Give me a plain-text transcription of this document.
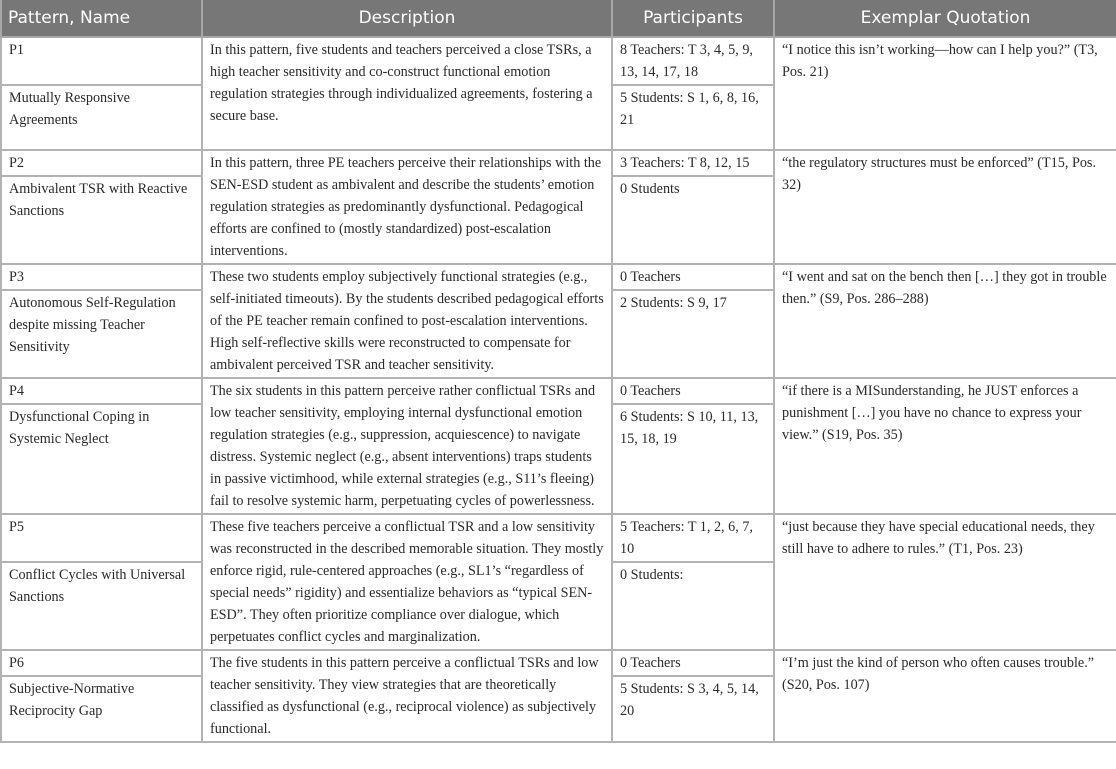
Pattern, Name	Description	Participants	Exemplar Quotation
P1	In this pattern, five students and teachers perceived a close TSRs, a high teacher sensitivity and co-construct functional emotion regulation strategies through individualized agreements, fostering a secure base.	8 Teachers: T 3, 4, 5, 9, 13, 14, 17, 18	“I notice this isn’t working—how can I help you?” (T3, Pos. 21)
Mutually Responsive Agreements		5 Students: S 1, 6, 8, 16, 21	
P2	In this pattern, three PE teachers perceive their relationships with the SEN-ESD student as ambivalent and describe the students’ emotion regulation strategies as predominantly dysfunctional. Pedagogical efforts are confined to (mostly standardized) post-escalation interventions.	3 Teachers: T 8, 12, 15	“the regulatory structures must be enforced” (T15, Pos. 32)
Ambivalent TSR with Reactive Sanctions		0 Students	
P3	These two students employ subjectively functional strategies (e.g., self-initiated timeouts). By the students described pedagogical efforts of the PE teacher remain confined to post-escalation interventions. High self-reflective skills were reconstructed to compensate for ambivalent perceived TSR and teacher sensitivity.	0 Teachers	“I went and sat on the bench then […] they got in trouble then.” (S9, Pos. 286–288)
Autonomous Self-Regulation despite missing Teacher Sensitivity		2 Students: S 9, 17	
P4	The six students in this pattern perceive rather conflictual TSRs and low teacher sensitivity, employing internal dysfunctional emotion regulation strategies (e.g., suppression, acquiescence) to navigate distress. Systemic neglect (e.g., absent interventions) traps students in passive victimhood, while external strategies (e.g., S11’s fleeing) fail to resolve systemic harm, perpetuating cycles of powerlessness.	0 Teachers	“if there is a MISunderstanding, he JUST enforces a punishment […] you have no chance to express your view.” (S19, Pos. 35)
Dysfunctional Coping in Systemic Neglect		6 Students: S 10, 11, 13, 15, 18, 19	
P5	These five teachers perceive a conflictual TSR and a low sensitivity was reconstructed in the described memorable situation. They mostly enforce rigid, rule-centered approaches (e.g., SL1’s “regardless of special needs” rigidity) and essentialize behaviors as “typical SEN-ESD”. They often prioritize compliance over dialogue, which perpetuates conflict cycles and marginalization.	5 Teachers: T 1, 2, 6, 7, 10	“just because they have special educational needs, they still have to adhere to rules.” (T1, Pos. 23)
Conflict Cycles with Universal Sanctions		0 Students:	
P6	The five students in this pattern perceive a conflictual TSRs and low teacher sensitivity. They view strategies that are theoretically classified as dysfunctional (e.g., reciprocal violence) as subjectively functional.	0 Teachers	“I’m just the kind of person who often causes trouble.” (S20, Pos. 107)
Subjective-Normative Reciprocity Gap		5 Students: S 3, 4, 5, 14, 20	
